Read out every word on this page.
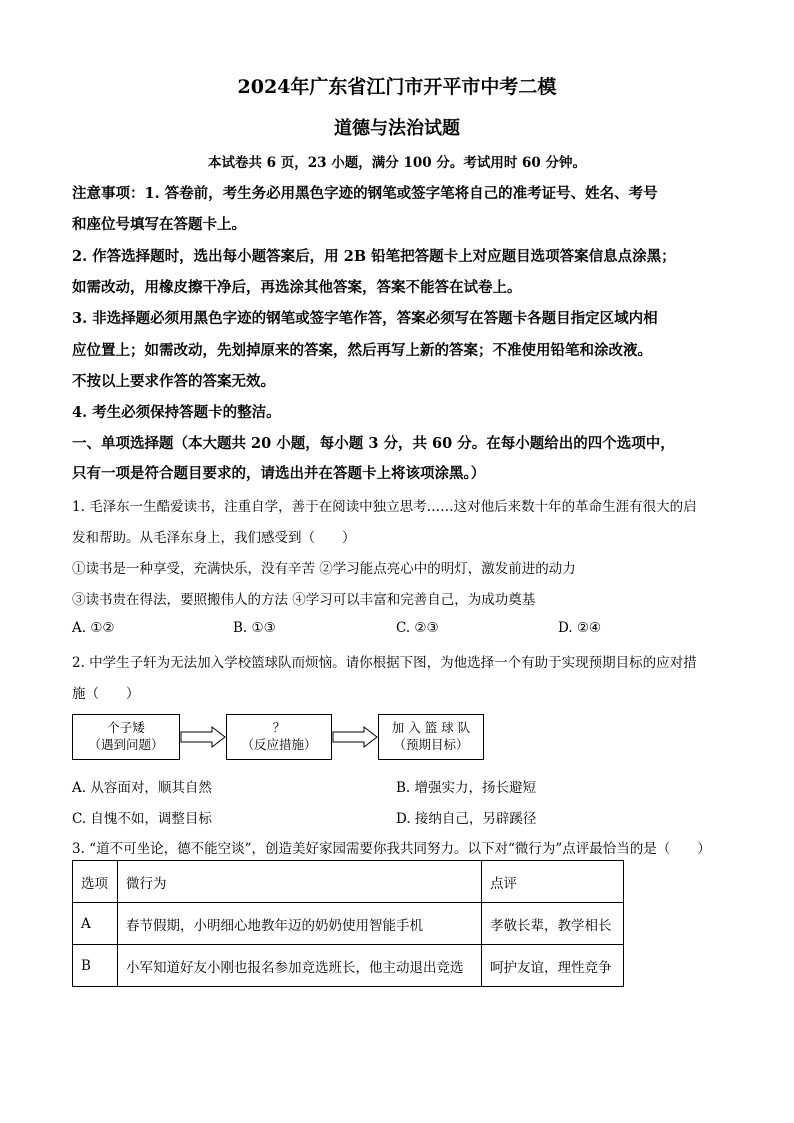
2024年广东省江门市开平市中考二模
道德与法治试题
本试卷共 6 页，23 小题，满分 100 分。考试用时 60 分钟。
注意事项：1. 答卷前，考生务必用黑色字迹的钢笔或签字笔将自己的准考证号、姓名、考号
和座位号填写在答题卡上。
2. 作答选择题时，选出每小题答案后，用 2B 铅笔把答题卡上对应题目选项答案信息点涂黑；
如需改动，用橡皮擦干净后，再选涂其他答案，答案不能答在试卷上。
3. 非选择题必须用黑色字迹的钢笔或签字笔作答，答案必须写在答题卡各题目指定区域内相
应位置上；如需改动，先划掉原来的答案，然后再写上新的答案；不准使用铅笔和涂改液。
不按以上要求作答的答案无效。
4. 考生必须保持答题卡的整洁。
一、单项选择题（本大题共 20 小题，每小题 3 分，共 60 分。在每小题给出的四个选项中，
只有一项是符合题目要求的，请选出并在答题卡上将该项涂黑。）
1. 毛泽东一生酷爱读书，注重自学，善于在阅读中独立思考……这对他后来数十年的革命生涯有很大的启
发和帮助。从毛泽东身上，我们感受到（　　）
①读书是一种享受，充满快乐，没有辛苦 ②学习能点亮心中的明灯，激发前进的动力
③读书贵在得法，要照搬伟人的方法 ④学习可以丰富和完善自己，为成功奠基
A. ①②	B. ①③	C. ②③	D. ②④
2. 中学生子轩为无法加入学校篮球队而烦恼。请你根据下图，为他选择一个有助于实现预期目标的应对措
施（　　）
个子矮
（遇到问题）
？
（反应措施）
加 入 篮 球 队
（预期目标）
A. 从容面对，顺其自然	B. 增强实力，扬长避短
C. 自愧不如，调整目标	D. 接纳自己，另辟蹊径
3. “道不可坐论，德不能空谈”，创造美好家园需要你我共同努力。以下对“微行为”点评最恰当的是（　　）
选项	微行为	点评
A	春节假期，小明细心地教年迈的奶奶使用智能手机	孝敬长辈，教学相长
B	小军知道好友小刚也报名参加竞选班长，他主动退出竞选	呵护友谊，理性竞争
